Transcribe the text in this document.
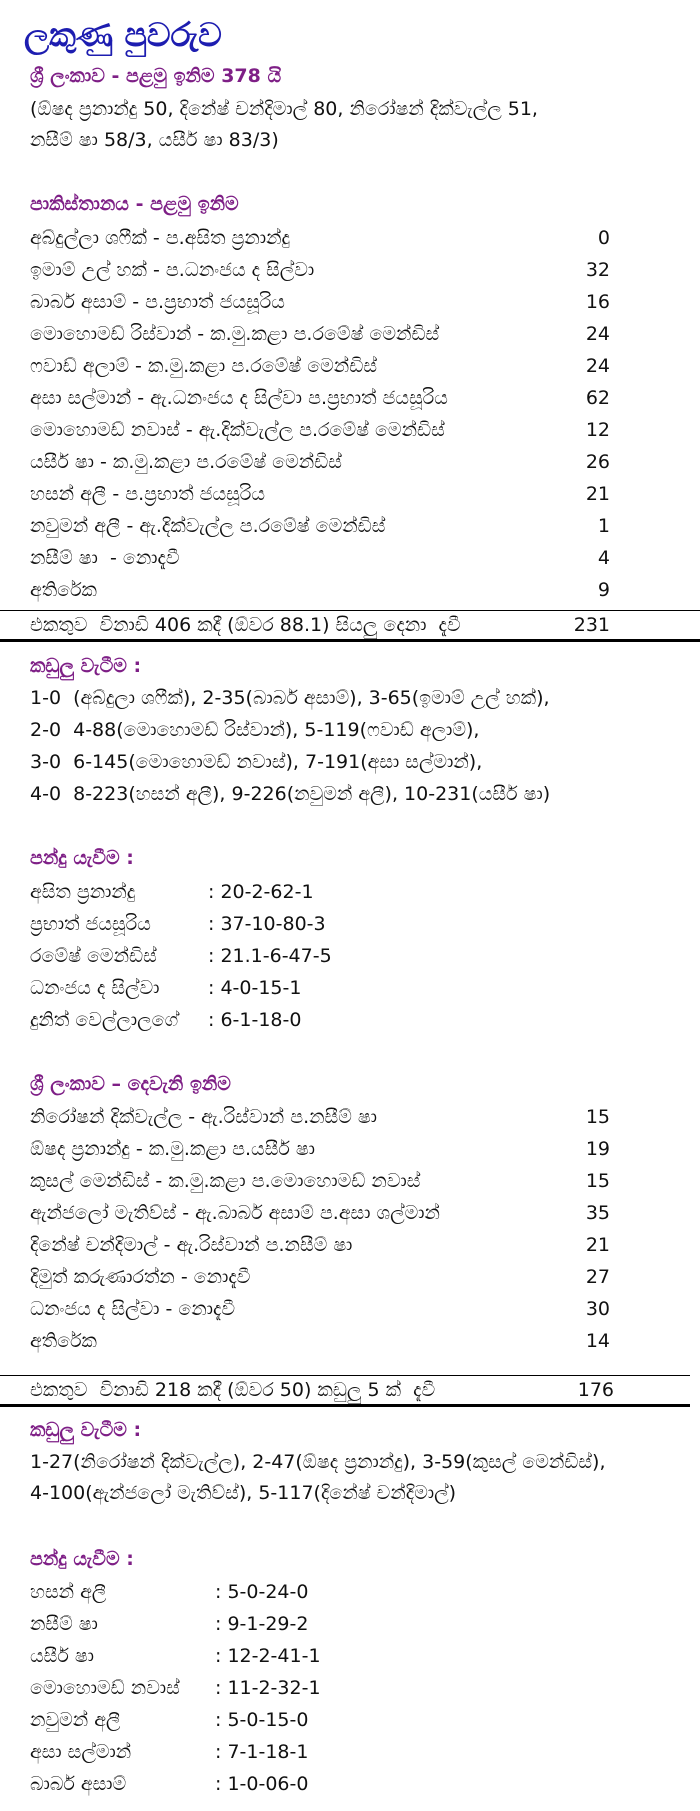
ලකුණු පුවරුව
ශ්‍රී ලංකාව - පළමු ඉනිම 378 යි
(ඕෂද ප්‍රනාන්දු 50, දිනේෂ් චන්දිමාල් 80, නිරෝෂන් දික්වැල්ල 51,
නසීම් ෂා 58/3, යසීර් ෂා 83/3)
පාකිස්තානය - පළමු ඉනිම
අබ්දුල්ලා ශෆීක් - ප.අසිත ප්‍රනාන්දු	0
ඉමාම් උල් හක් - ප.ධනංජය ද සිල්වා	32
බාබර් අසාම් - ප.ප්‍රභාත් ජයසූරිය	16
මොහොමඩ් රිස්වාන් - ක.මු.කළා ප.රමේෂ් මෙන්ඩිස්	24
ෆවාඩ් අලාම් - ක.මු.කළා ප.රමේෂ් මෙන්ඩිස්	24
අසා සල්මාන් - ඇ.ධනංජය ද සිල්වා ප.ප්‍රභාත් ජයසූරිය	62
මොහොමඩ් නවාස් - ඇ.දික්වැල්ල ප.රමේෂ් මෙන්ඩිස්	12
යසීර් ෂා - ක.මු.කළා ප.රමේෂ් මෙන්ඩිස්	26
හසන් අලී - ප.ප්‍රභාත් ජයසූරිය	21
නවුමන් අලී - ඇ.දික්වැල්ල ප.රමේෂ් මෙන්ඩිස්	1
නසීම් ෂා  - නොදැවී	4
අතිරේක	9
එකතුව  විනාඩි 406 කදී (ඕවර 88.1) සියලු දෙනා  දැවී	231
කඩුලු වැටීම :
1-0  (අබ්දුලා ශෆීක්), 2-35(බාබර් අසාම්), 3-65(ඉමාම් උල් හක්),
2-0  4-88(මොහොමඩ් රිස්වාන්), 5-119(ෆවාඩ් අලාම්),
3-0  6-145(මොහොමඩ් නවාස්), 7-191(අසා සල්මාන්),
4-0  8-223(හසන් අලී), 9-226(නවුමන් අලී), 10-231(යසීර් ෂා)
පන්දු යැවීම :
අසිත ප්‍රනාන්දු	: 20-2-62-1
ප්‍රභාත් ජයසූරිය	: 37-10-80-3
රමේෂ් මෙන්ඩිස්	: 21.1-6-47-5
ධනංජය ද සිල්වා	: 4-0-15-1
දුනිත් වෙල්ලාලගේ	: 6-1-18-0
ශ්‍රී ලංකාව – දෙවැනි ඉනිම
නිරෝෂන් දික්වැල්ල - ඇ.රිස්වාන් ප.නසීම් ෂා	15
ඕෂද ප්‍රනාන්දු - ක.මු.කළා ප.යසීර් ෂා	19
කුසල් මෙන්ඩිස් - ක.මු.කළා ප.මොහොමඩ් නවාස්	15
ඇන්ජලෝ මැතිව්ස් - ඇ.බාබර් අසාම් ප.අසා ශල්මාන්	35
දිනේෂ් චන්දිමාල් - ඇ.රිස්වාන් ප.නසීම් ෂා	21
දිමුත් කරුණාරත්න - නොදැවී	27
ධනංජය ද සිල්වා - නොදැවී	30
අතිරේක	14
එකතුව  විනාඩි 218 කදී (ඕවර 50) කඩුලු 5 ක්  දැවී	176
කඩුලු වැටීම :
1-27(නිරෝෂන් දික්වැල්ල), 2-47(ඕෂද ප්‍රනාන්දු), 3-59(කුසල් මෙන්ඩිස්),
4-100(ඇන්ජලෝ මැතිව්ස්), 5-117(දිනේෂ් චන්දිමාල්)
පන්දු යැවීම :
හසන් අලී	: 5-0-24-0
නසීම් ෂා	: 9-1-29-2
යසීර් ෂා	: 12-2-41-1
මොහොමඩ් නවාස්	: 11-2-32-1
නවුමන් අලී	: 5-0-15-0
අසා සල්මාන්	: 7-1-18-1
බාබර් අසාම්	: 1-0-06-0
